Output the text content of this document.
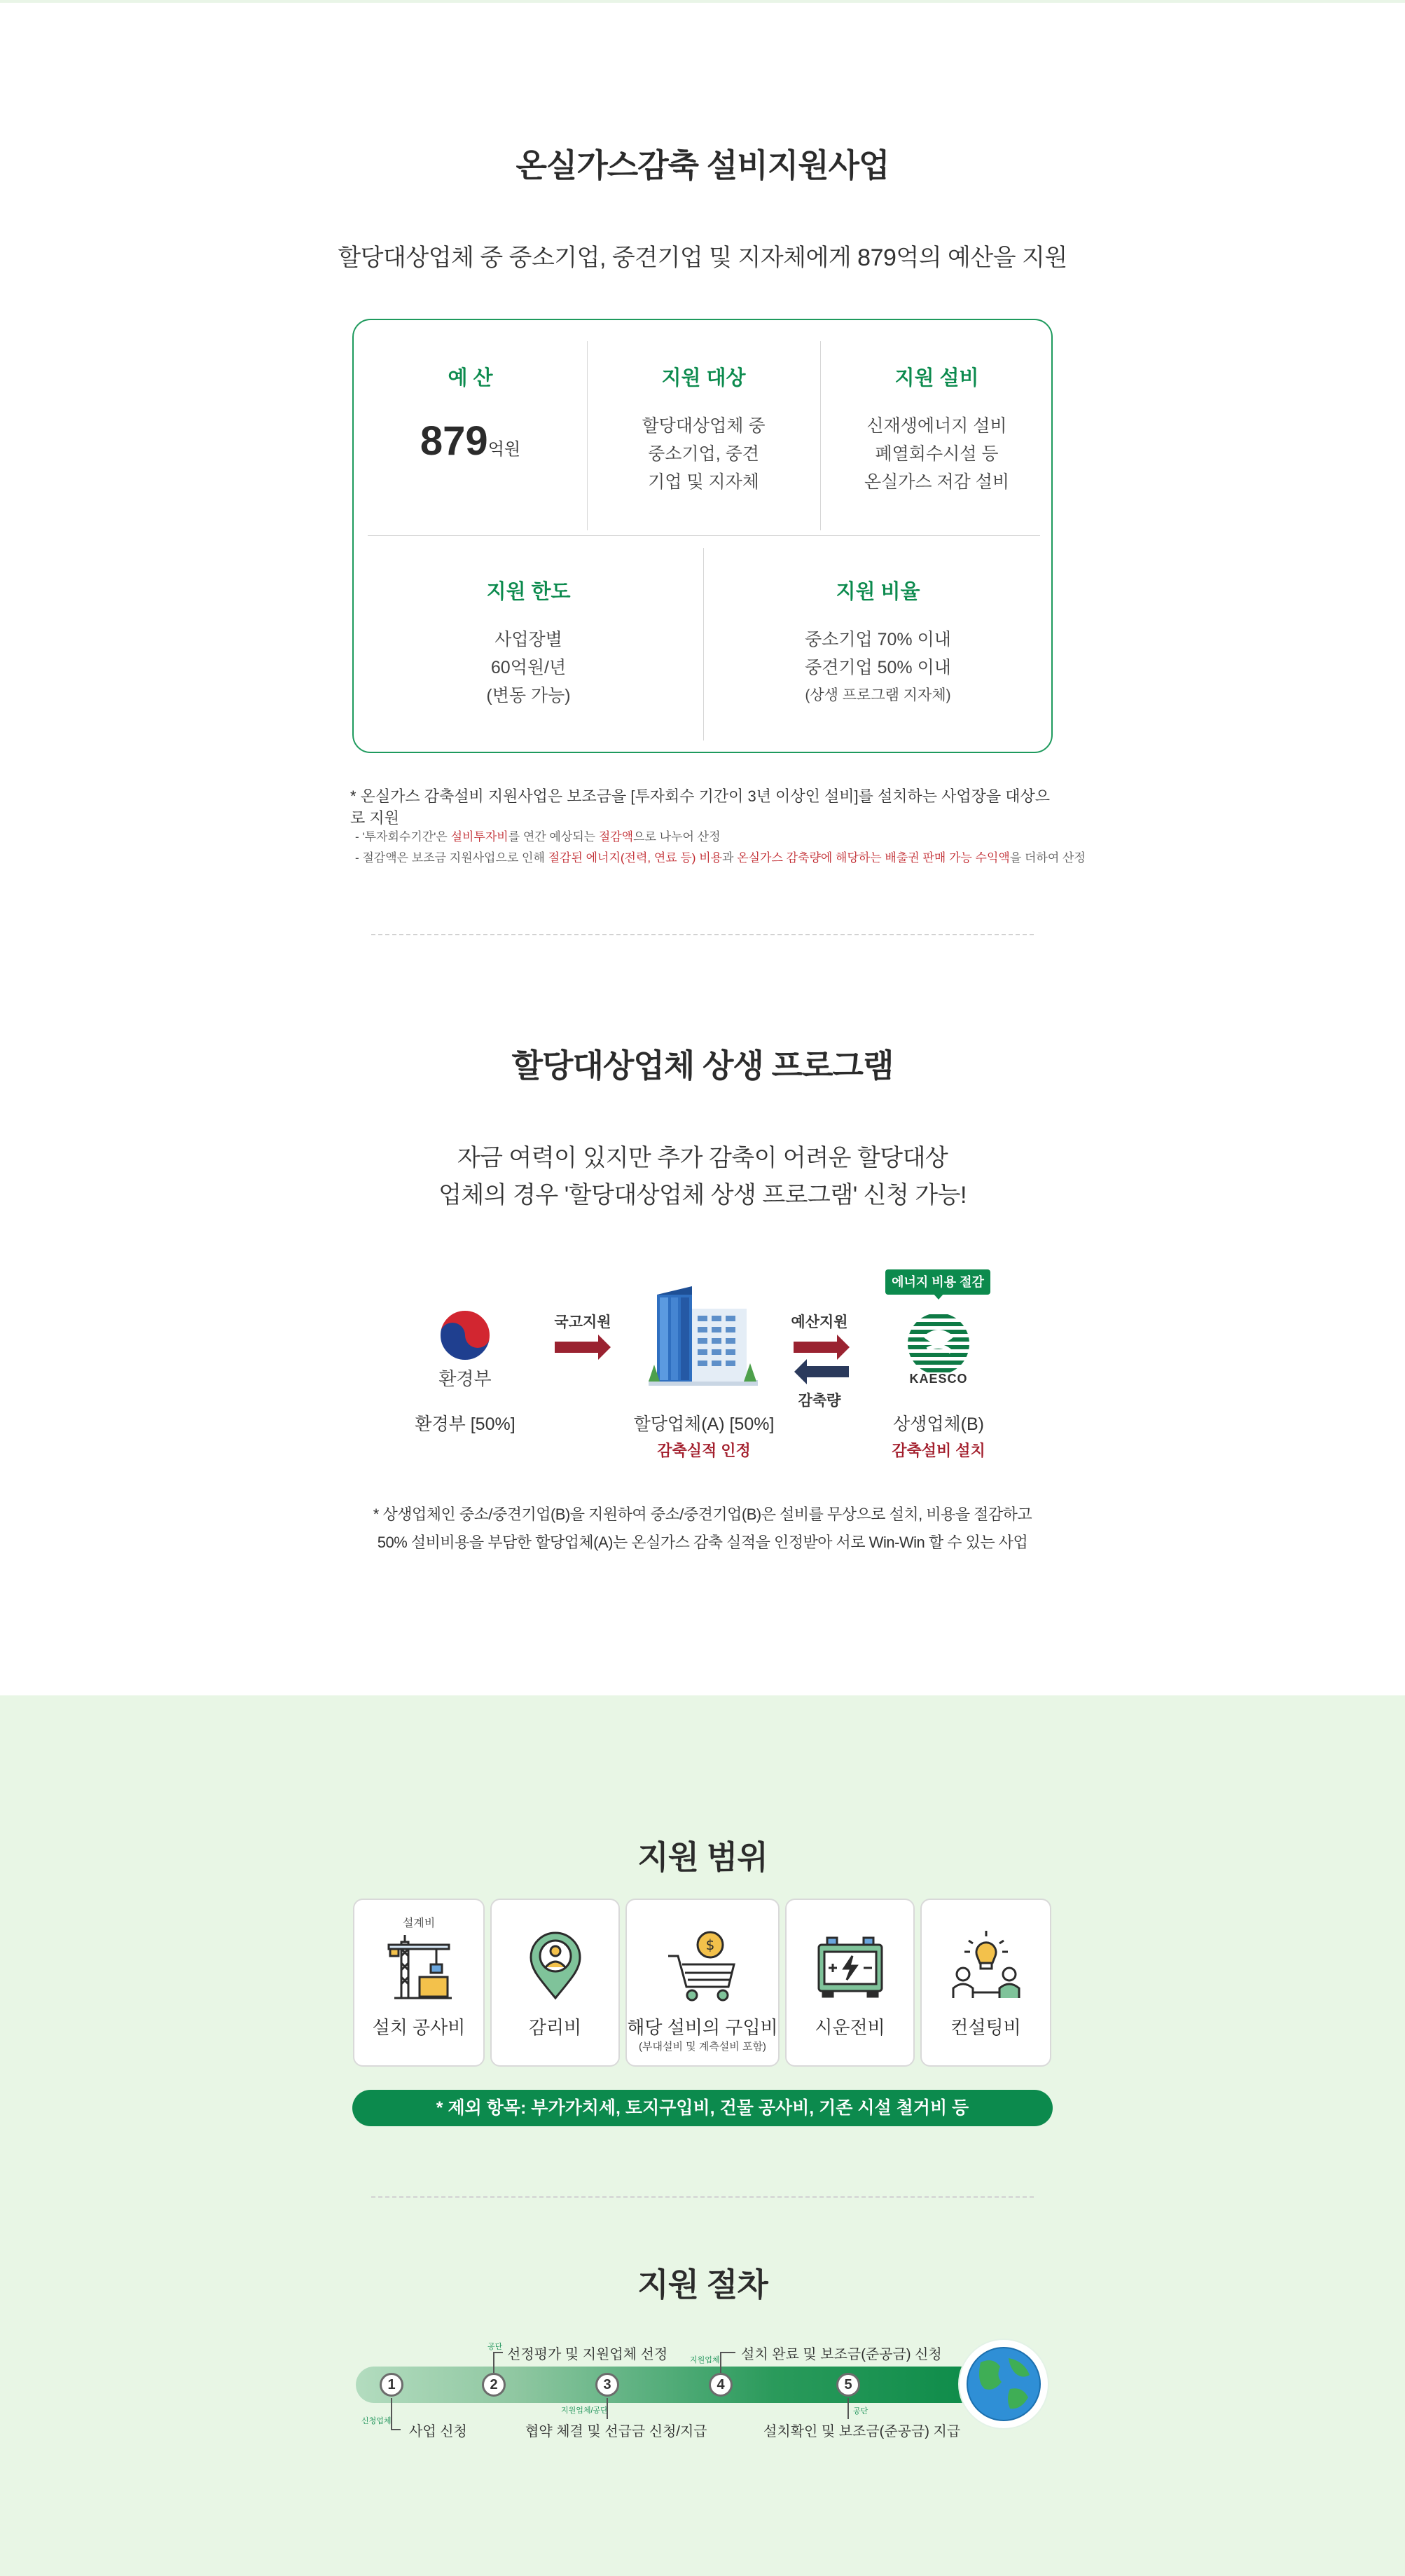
온실가스감축 설비지원사업
할당대상업체 중 중소기업, 중견기업 및 지자체에게 879억의 예산을 지원
예 산
879억원
지원 대상
할당대상업체 중
중소기업, 중견
기업 및 지자체
지원 설비
신재생에너지 설비
폐열회수시설 등
온실가스 저감 설비
지원 한도
사업장별
60억원/년
(변동 가능)
지원 비율
중소기업 70% 이내
중견기업 50% 이내
(상생 프로그램 지자체)
* 온실가스 감축설비 지원사업은 보조금을 [투자회수 기간이 3년 이상인 설비]를 설치하는 사업장을 대상으로 지원
- '투자회수기간'은 설비투자비를 연간 예상되는 절감액으로 나누어 산정
- 절감액은 보조금 지원사업으로 인해 절감된 에너지(전력, 연료 등) 비용과 온실가스 감축량에 해당하는 배출권 판매 가능 수익액을 더하여 산정
할당대상업체 상생 프로그램
자금 여력이 있지만 추가 감축이 어려운 할당대상
업체의 경우 '할당대상업체 상생 프로그램' 신청 가능!
환경부
환경부 [50%]
국고지원
할당업체(A) [50%]
감축실적 인정
예산지원
감축량
에너지 비용 절감
KAESCO
상생업체(B)
감축설비 설치
* 상생업체인 중소/중견기업(B)을 지원하여 중소/중견기업(B)은 설비를 무상으로 설치, 비용을 절감하고
50% 설비비용을 부담한 할당업체(A)는 온실가스 감축 실적을 인정받아 서로 Win-Win 할 수 있는 사업
지원 범위
설계비
설치 공사비	감리비
$
해당 설비의 구입비
(부대설비 및 계측설비 포함)
시운전비	컨설팅비
* 제외 항목: 부가가치세, 토지구입비, 건물 공사비, 기존 시설 철거비 등
지원 절차
1	2	3	4	5
신청업체
사업 신청
공단 선정평가 및 지원업체 선정
지원업체/공단
협약 체결 및 선급금 신청/지급
지원업체 설치 완료 및 보조금(준공금) 신청
공단
설치확인 및 보조금(준공금) 지급
